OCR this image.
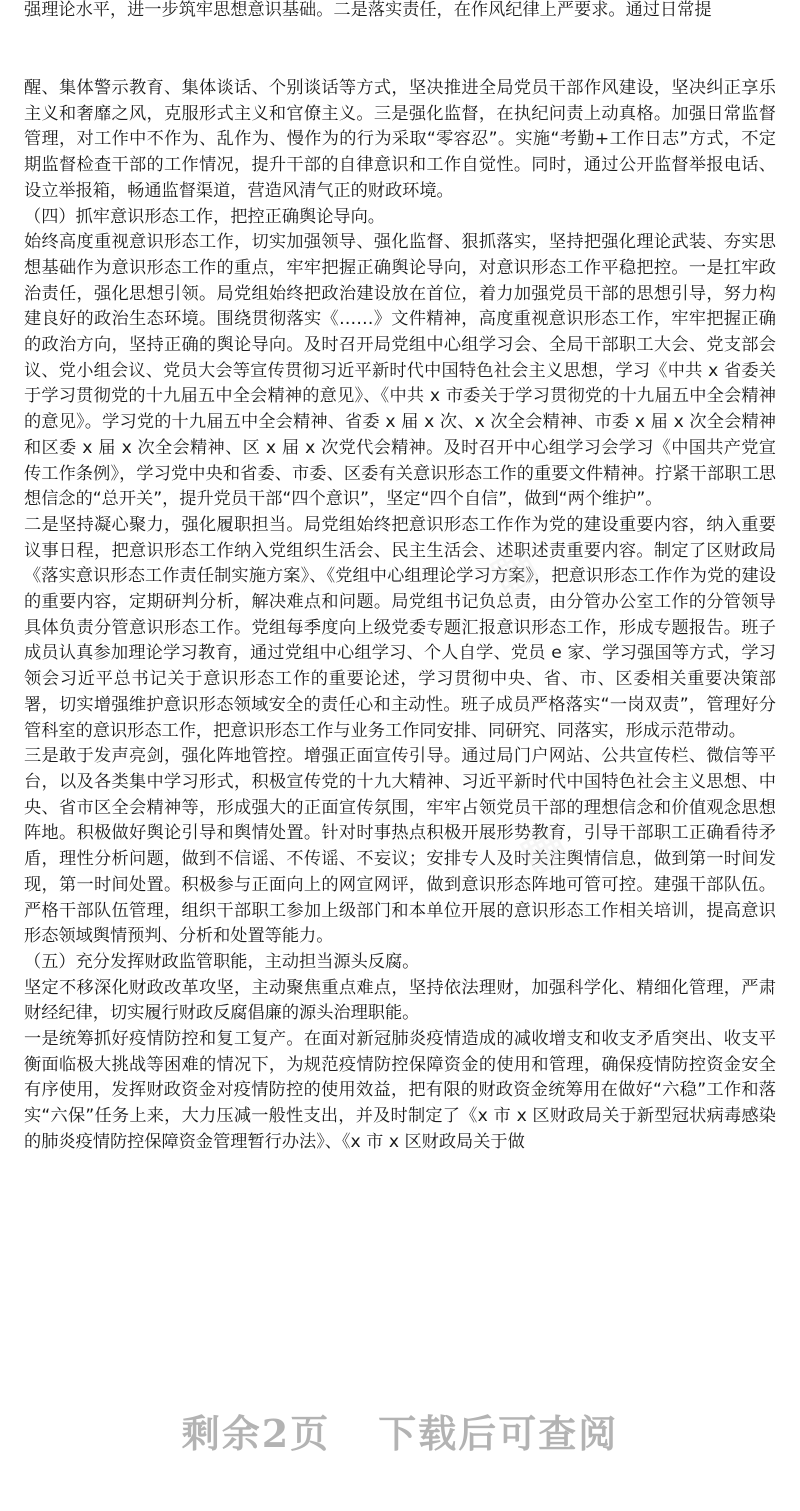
强理论水平，进一步筑牢思想意识基础。二是落实责任，在作风纪律上严要求。通过日常提

醒、集体警示教育、集体谈话、个别谈话等方式，坚决推进全局党员干部作风建设，坚决纠正享乐主义和奢靡之风，克服形式主义和官僚主义。三是强化监督，在执纪问责上动真格。加强日常监督管理，对工作中不作为、乱作为、慢作为的行为采取“零容忍”。实施“考勤+工作日志”方式，不定期监督检查干部的工作情况，提升干部的自律意识和工作自觉性。同时，通过公开监督举报电话、设立举报箱，畅通监督渠道，营造风清气正的财政环境。

（四）抓牢意识形态工作，把控正确舆论导向。

始终高度重视意识形态工作，切实加强领导、强化监督、狠抓落实，坚持把强化理论武装、夯实思想基础作为意识形态工作的重点，牢牢把握正确舆论导向，对意识形态工作平稳把控。一是扛牢政治责任，强化思想引领。局党组始终把政治建设放在首位，着力加强党员干部的思想引导，努力构建良好的政治生态环境。围绕贯彻落实《……》文件精神，高度重视意识形态工作，牢牢把握正确的政治方向，坚持正确的舆论导向。及时召开局党组中心组学习会、全局干部职工大会、党支部会议、党小组会议、党员大会等宣传贯彻习近平新时代中国特色社会主义思想，学习《中共 x 省委关于学习贯彻党的十九届五中全会精神的意见》、《中共 x 市委关于学习贯彻党的十九届五中全会精神的意见》。学习党的十九届五中全会精神、省委 x 届 x 次、x 次全会精神、市委 x 届 x 次全会精神和区委 x 届 x 次全会精神、区 x 届 x 次党代会精神。及时召开中心组学习会学习《中国共产党宣传工作条例》，学习党中央和省委、市委、区委有关意识形态工作的重要文件精神。拧紧干部职工思想信念的“总开关”，提升党员干部“四个意识”，坚定“四个自信”，做到“两个维护”。

二是坚持凝心聚力，强化履职担当。局党组始终把意识形态工作作为党的建设重要内容，纳入重要议事日程，把意识形态工作纳入党组织生活会、民主生活会、述职述责重要内容。制定了区财政局《落实意识形态工作责任制实施方案》、《党组中心组理论学习方案》，把意识形态工作作为党的建设的重要内容，定期研判分析，解决难点和问题。局党组书记负总责，由分管办公室工作的分管领导具体负责分管意识形态工作。党组每季度向上级党委专题汇报意识形态工作，形成专题报告。班子成员认真参加理论学习教育，通过党组中心组学习、个人自学、党员 e 家、学习强国等方式，学习领会习近平总书记关于意识形态工作的重要论述，学习贯彻中央、省、市、区委相关重要决策部署，切实增强维护意识形态领域安全的责任心和主动性。班子成员严格落实“一岗双责”，管理好分管科室的意识形态工作，把意识形态工作与业务工作同安排、同研究、同落实，形成示范带动。

三是敢于发声亮剑，强化阵地管控。增强正面宣传引导。通过局门户网站、公共宣传栏、微信等平台，以及各类集中学习形式，积极宣传党的十九大精神、习近平新时代中国特色社会主义思想、中央、省市区全会精神等，形成强大的正面宣传氛围，牢牢占领党员干部的理想信念和价值观念思想阵地。积极做好舆论引导和舆情处置。针对时事热点积极开展形势教育，引导干部职工正确看待矛盾，理性分析问题，做到不信谣、不传谣、不妄议；安排专人及时关注舆情信息，做到第一时间发现，第一时间处置。积极参与正面向上的网宣网评，做到意识形态阵地可管可控。建强干部队伍。严格干部队伍管理，组织干部职工参加上级部门和本单位开展的意识形态工作相关培训，提高意识形态领域舆情预判、分析和处置等能力。

（五）充分发挥财政监管职能，主动担当源头反腐。

坚定不移深化财政改革攻坚，主动聚焦重点难点，坚持依法理财，加强科学化、精细化管理，严肃财经纪律，切实履行财政反腐倡廉的源头治理职能。

一是统筹抓好疫情防控和复工复产。在面对新冠肺炎疫情造成的减收增支和收支矛盾突出、收支平衡面临极大挑战等困难的情况下，为规范疫情防控保障资金的使用和管理，确保疫情防控资金安全有序使用，发挥财政资金对疫情防控的使用效益，把有限的财政资金统筹用在做好“六稳”工作和落实“六保”任务上来，大力压减一般性支出，并及时制定了《x 市 x 区财政局关于新型冠状病毒感染的肺炎疫情防控保障资金管理暂行办法》、《x 市 x 区财政局关于做

▦
▦
剩余2页 下载后可查阅
